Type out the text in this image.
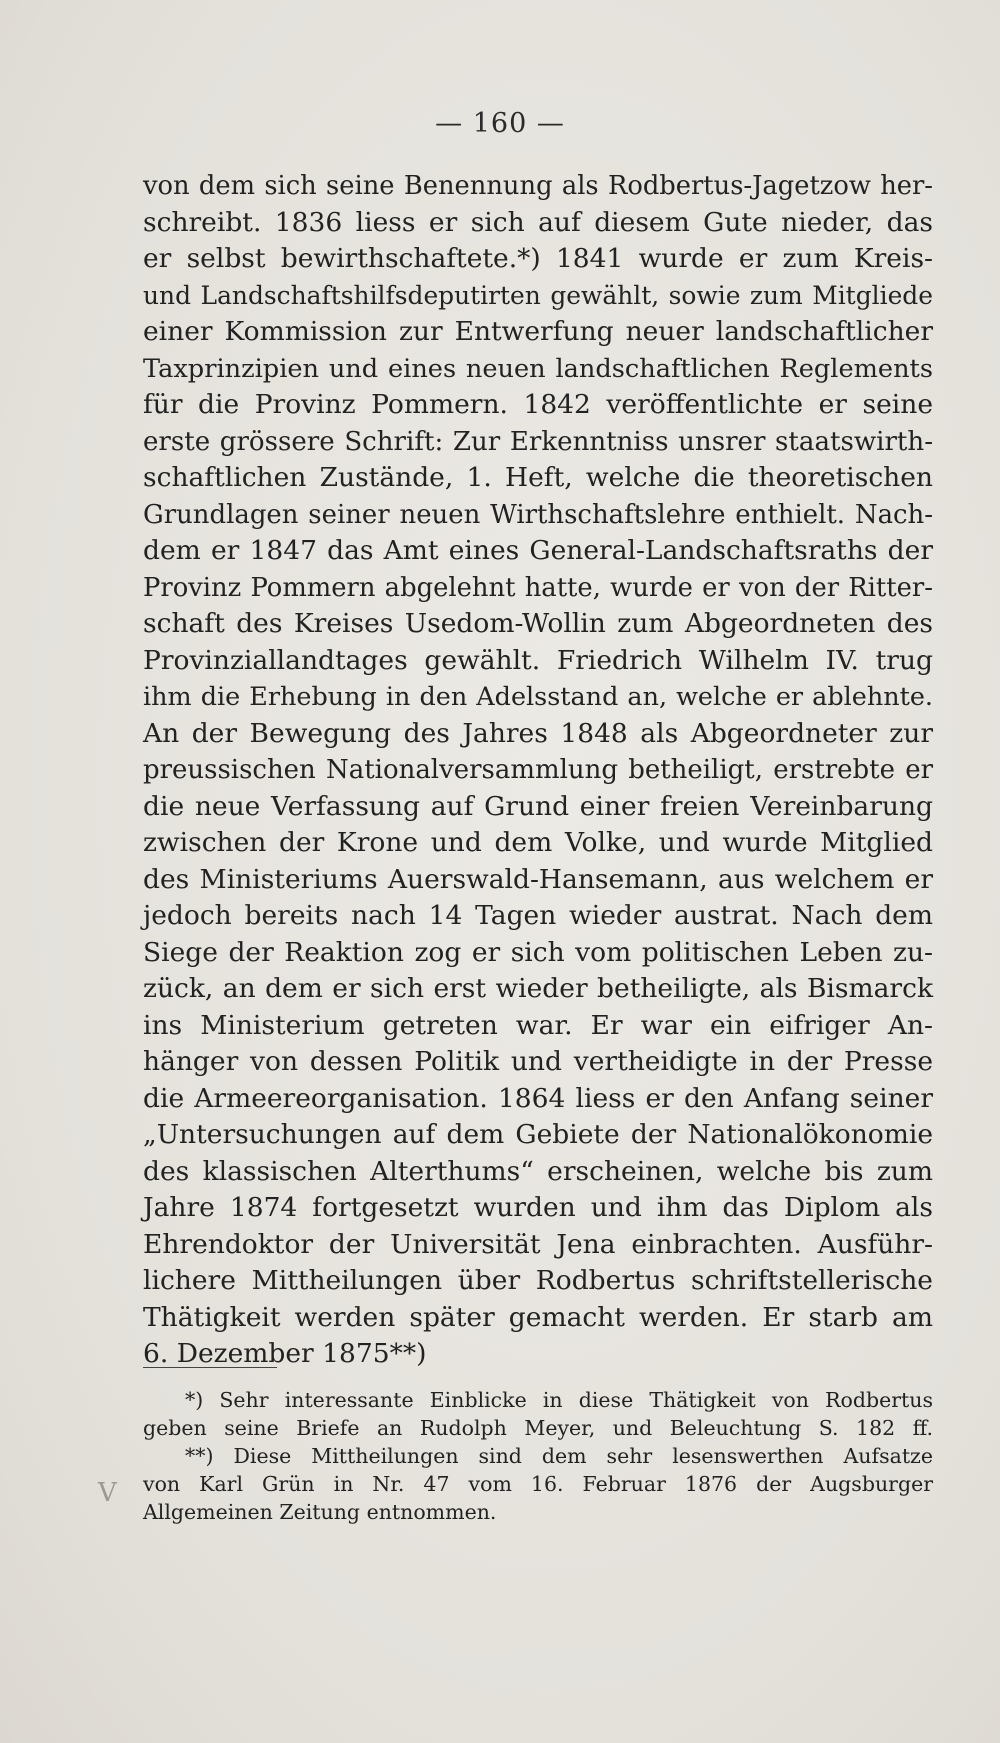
— 160 —
von dem sich seine Benennung als Rodbertus-Jagetzow her-
schreibt. 1836 liess er sich auf diesem Gute nieder, das
er selbst bewirthschaftete.*) 1841 wurde er zum Kreis-
und Landschaftshilfsdeputirten gewählt, sowie zum Mitgliede
einer Kommission zur Entwerfung neuer landschaftlicher
Taxprinzipien und eines neuen landschaftlichen Reglements
für die Provinz Pommern. 1842 veröffentlichte er seine
erste grössere Schrift: Zur Erkenntniss unsrer staatswirth-
schaftlichen Zustände, 1. Heft, welche die theoretischen
Grundlagen seiner neuen Wirthschaftslehre enthielt. Nach-
dem er 1847 das Amt eines General-Landschaftsraths der
Provinz Pommern abgelehnt hatte, wurde er von der Ritter-
schaft des Kreises Usedom-Wollin zum Abgeordneten des
Provinziallandtages gewählt. Friedrich Wilhelm IV. trug
ihm die Erhebung in den Adelsstand an, welche er ablehnte.
An der Bewegung des Jahres 1848 als Abgeordneter zur
preussischen Nationalversammlung betheiligt, erstrebte er
die neue Verfassung auf Grund einer freien Vereinbarung
zwischen der Krone und dem Volke, und wurde Mitglied
des Ministeriums Auerswald-Hansemann, aus welchem er
jedoch bereits nach 14 Tagen wieder austrat. Nach dem
Siege der Reaktion zog er sich vom politischen Leben zu-
zück, an dem er sich erst wieder betheiligte, als Bismarck
ins Ministerium getreten war. Er war ein eifriger An-
hänger von dessen Politik und vertheidigte in der Presse
die Armeereorganisation. 1864 liess er den Anfang seiner
„Untersuchungen auf dem Gebiete der Nationalökonomie
des klassischen Alterthums“ erscheinen, welche bis zum
Jahre 1874 fortgesetzt wurden und ihm das Diplom als
Ehrendoktor der Universität Jena einbrachten. Ausführ-
lichere Mittheilungen über Rodbertus schriftstellerische
Thätigkeit werden später gemacht werden. Er starb am
6. Dezember 1875**)
*) Sehr interessante Einblicke in diese Thätigkeit von Rodbertus
geben seine Briefe an Rudolph Meyer, und Beleuchtung S. 182 ff.
**) Diese Mittheilungen sind dem sehr lesenswerthen Aufsatze
von Karl Grün in Nr. 47 vom 16. Februar 1876 der Augsburger
Allgemeinen Zeitung entnommen.
V
